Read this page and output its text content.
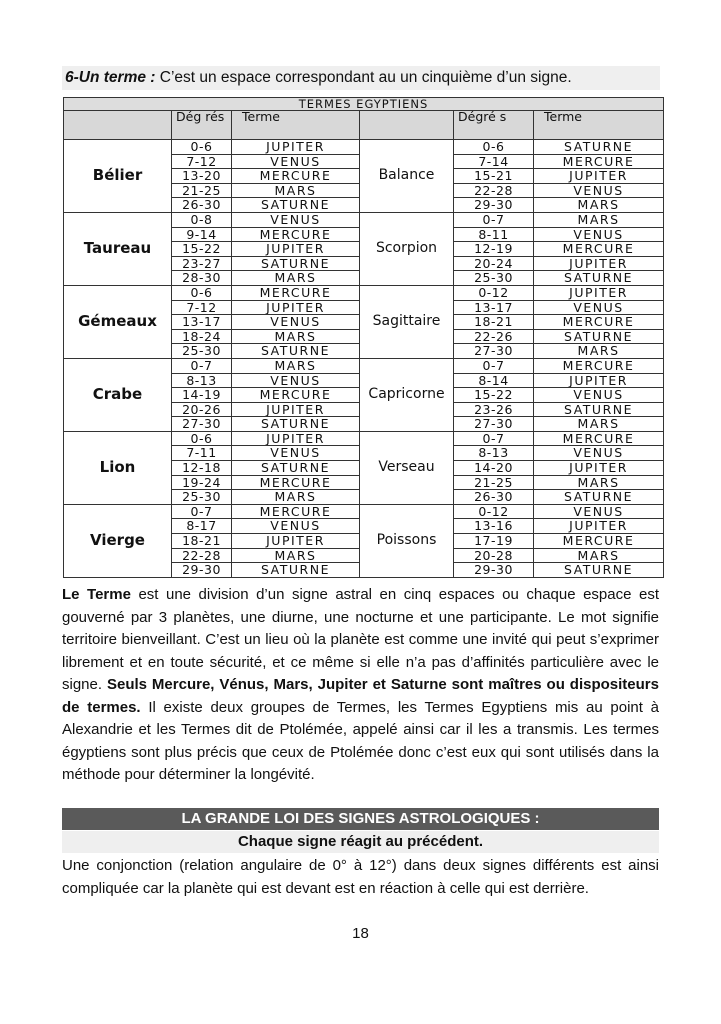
6-Un terme : C’est un espace correspondant au un cinquième d’un signe.
TERMES EGYPTIENS					
	Dég rés	Terme		Dégré s	Terme
Bélier	0-6	JUPITER	Balance	0-6	SATURNE
	7-12	VENUS		7-14	MERCURE
	13-20	MERCURE		15-21	JUPITER
	21-25	MARS		22-28	VENUS
	26-30	SATURNE		29-30	MARS
Taureau	0-8	VENUS	Scorpion	0-7	MARS
	9-14	MERCURE		8-11	VENUS
	15-22	JUPITER		12-19	MERCURE
	23-27	SATURNE		20-24	JUPITER
	28-30	MARS		25-30	SATURNE
Gémeaux	0-6	MERCURE	Sagittaire	0-12	JUPITER
	7-12	JUPITER		13-17	VENUS
	13-17	VENUS		18-21	MERCURE
	18-24	MARS		22-26	SATURNE
	25-30	SATURNE		27-30	MARS
Crabe	0-7	MARS	Capricorne	0-7	MERCURE
	8-13	VENUS		8-14	JUPITER
	14-19	MERCURE		15-22	VENUS
	20-26	JUPITER		23-26	SATURNE
	27-30	SATURNE		27-30	MARS
Lion	0-6	JUPITER	Verseau	0-7	MERCURE
	7-11	VENUS		8-13	VENUS
	12-18	SATURNE		14-20	JUPITER
	19-24	MERCURE		21-25	MARS
	25-30	MARS		26-30	SATURNE
Vierge	0-7	MERCURE	Poissons	0-12	VENUS
	8-17	VENUS		13-16	JUPITER
	18-21	JUPITER		17-19	MERCURE
	22-28	MARS		20-28	MARS
	29-30	SATURNE		29-30	SATURNE
Le Terme est une division d’un signe astral en cinq espaces ou chaque espace est gouverné par 3 planètes, une diurne, une nocturne et une participante. Le mot signifie territoire bienveillant. C’est un lieu où la planète est comme une invité qui peut s’exprimer librement et en toute sécurité, et ce même si elle n’a pas d’affinités particulière avec le signe. Seuls Mercure, Vénus, Mars, Jupiter et Saturne sont maîtres ou dispositeurs de termes. Il existe deux groupes de Termes, les Termes Egyptiens mis au point à Alexandrie et les Termes dit de Ptolémée, appelé ainsi car il les a transmis. Les termes égyptiens sont plus précis que ceux de Ptolémée donc c’est eux qui sont utilisés dans la méthode pour déterminer la longévité.
LA GRANDE LOI DES SIGNES ASTROLOGIQUES :
Chaque signe réagit au précédent.
Une conjonction (relation angulaire de 0° à 12°) dans deux signes différents est ainsi compliquée car la planète qui est devant est en réaction à celle qui est derrière.
18
